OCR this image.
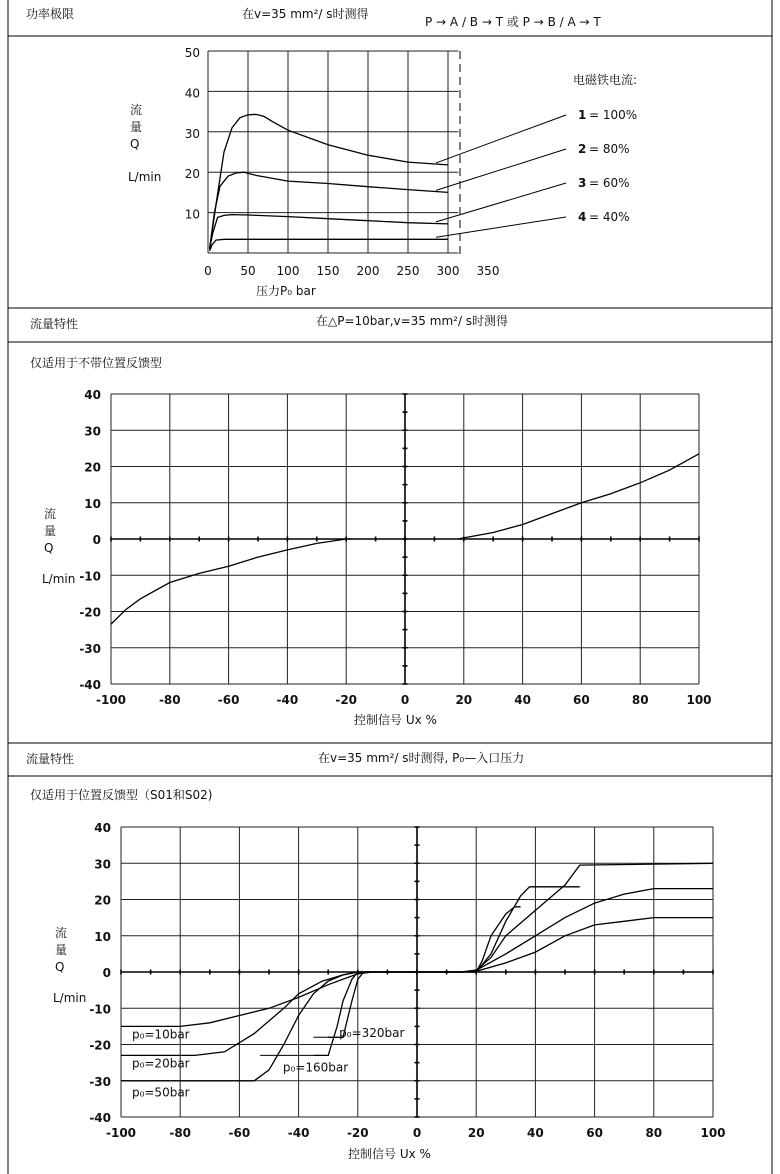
功率极限	在v=35 mm²/ s时测得
P → A / B → T 或 P → B / A → T
10
20
30
40
50
0 50 100 150 200 250 300 350
1 = 100%
2 = 80%
3 = 60%
4 = 40%
流
量
Q
L/min
压力P₀ bar
电磁铁电流:
流量特性	在△P=10bar,v=35 mm²/ s时测得
仅适用于不带位置反馈型
40
30
20
10
0
-10
-20
-30
-40
-100	-80	-60	-40	-20	0	20	40	60	80	100
流
量
Q
L/min
控制信号 Ux %
流量特性	在v=35 mm²/ s时测得, P₀—入口压力
仅适用于位置反馈型（S01和S02)
40
30
20
10
0
-10
-20
-30
-40
-100	-80	-60	-40	-20	0	20	40	60	80	100
p₀=10bar
p₀=20bar
p₀=50bar
p₀=160bar
p₀=320bar
流
量
Q
L/min
控制信号 Ux %
